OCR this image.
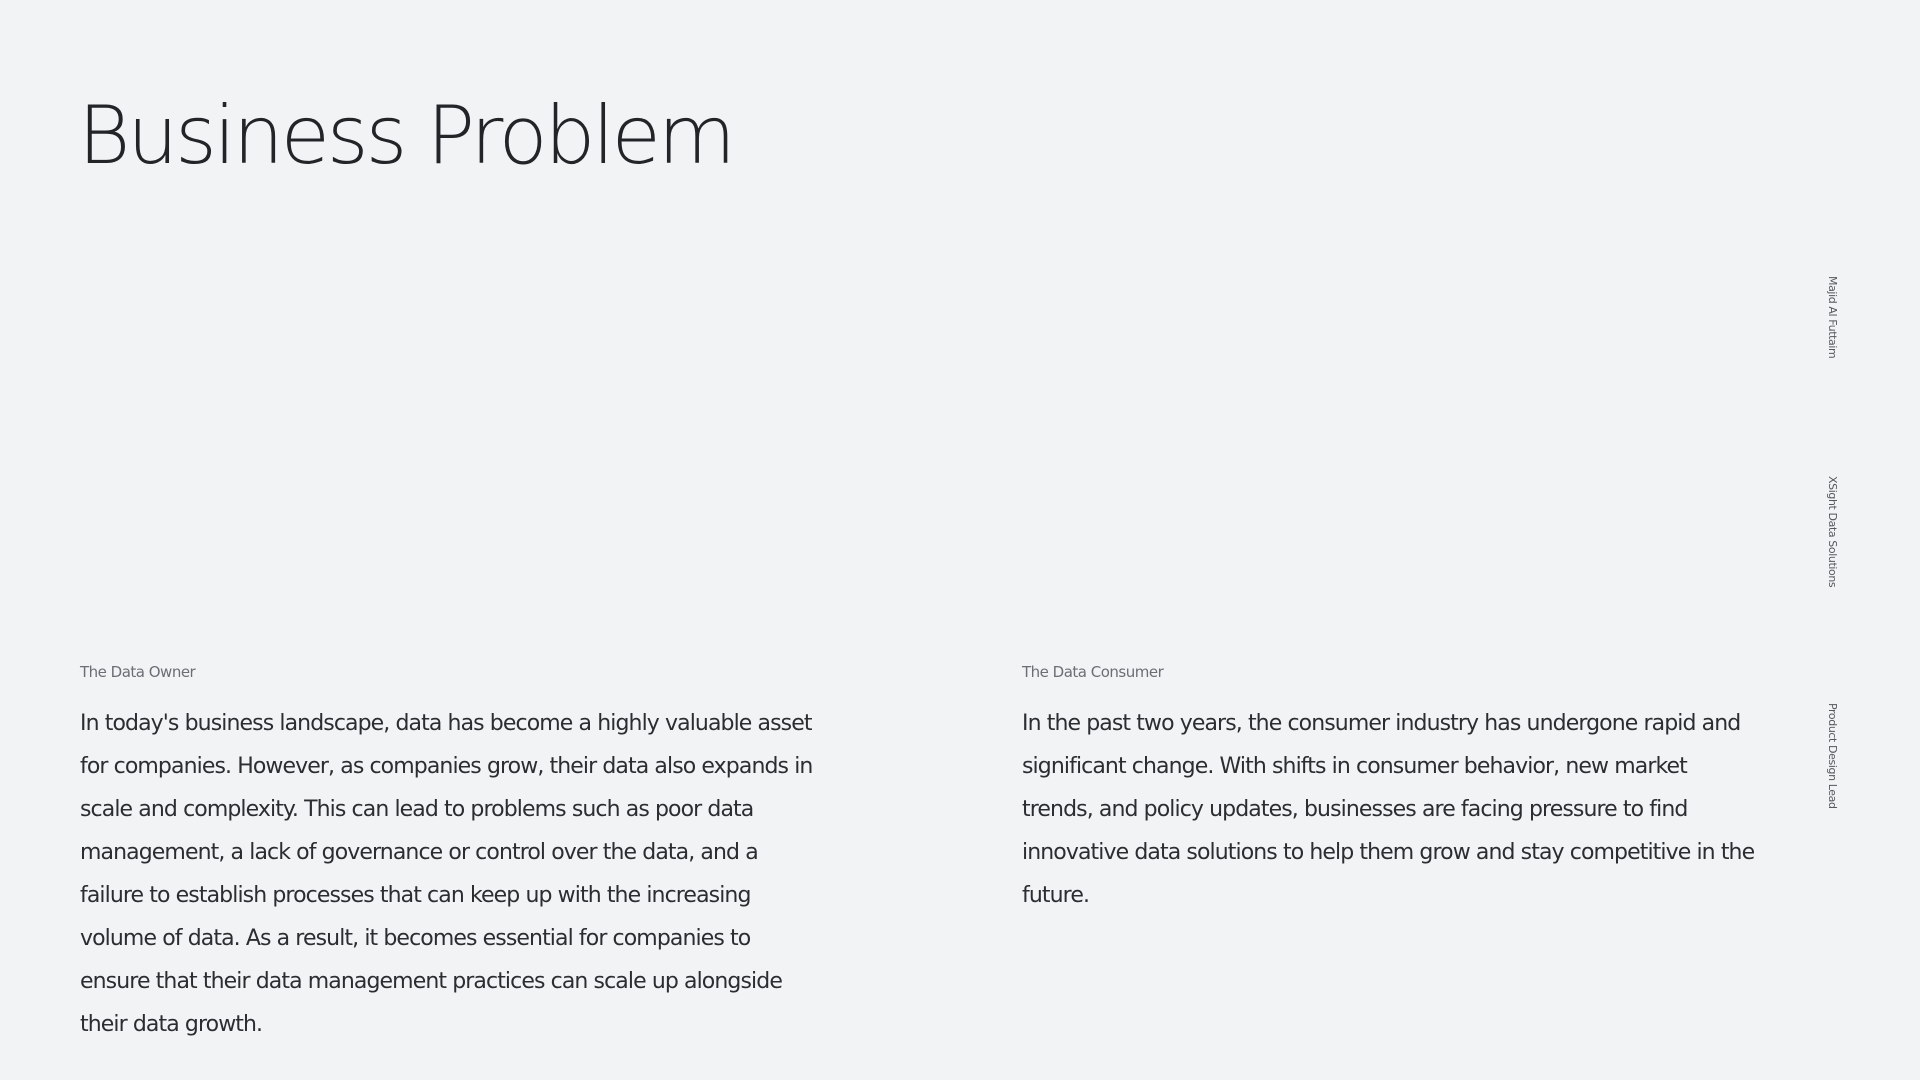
Business Problem
The Data Owner

In today's business landscape, data has become a highly valuable asset for companies. However, as companies grow, their data also expands in scale and complexity. This can lead to problems such as poor data management, a lack of governance or control over the data, and a failure to establish processes that can keep up with the increasing volume of data. As a result, it becomes essential for companies to ensure that their data management practices can scale up alongside their data growth.

The Data Consumer

In the past two years, the consumer industry has undergone rapid and significant change. With shifts in consumer behavior, new market trends, and policy updates, businesses are facing pressure to find innovative data solutions to help them grow and stay competitive in the future.

Majid Al Futtaim
XSight Data Solutions
Product Design Lead
